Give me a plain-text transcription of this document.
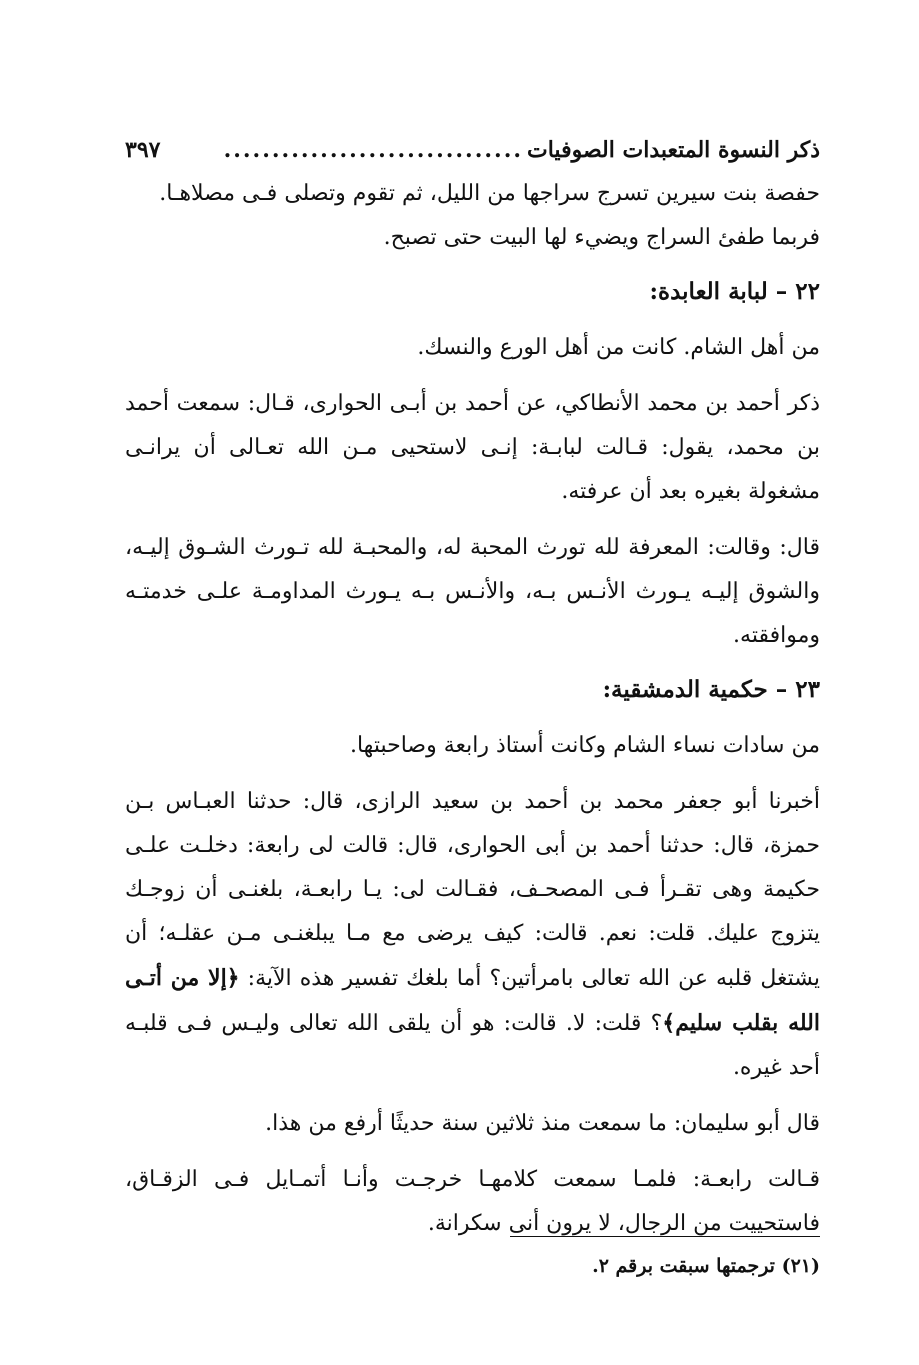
ذكر النسوة المتعبدات الصوفيات
...............................
٣٩٧

حفصة بنت سيرين تسرج سراجها من الليل، ثم تقوم وتصلى فـى مصلاهـا.

فربما طفئ السراج ويضيء لها البيت حتى تصبح.

٢٢ – لبابة العابدة:

من أهل الشام. كانت من أهل الورع والنسك.

ذكر أحمد بن محمد الأنطاكي، عن أحمد بن أبـى الحوارى، قـال: سمعت أحمد بن محمد، يقول: قـالت لبابـة: إنـى لاستحيى مـن الله تعـالى أن يرانـى مشغولة بغيره بعد أن عرفته.

قال: وقالت: المعرفة لله تورث المحبة له، والمحبـة لله تـورث الشـوق إليـه، والشوق إليـه يـورث الأنـس بـه، والأنـس بـه يـورث المداومـة علـى خدمتـه وموافقته.

٢٣ – حكمية الدمشقية:

من سادات نساء الشام وكانت أستاذ رابعة وصاحبتها.

أخبرنا أبو جعفر محمد بن أحمد بن سعيد الرازى، قال: حدثنا العبـاس بـن حمزة، قال: حدثنا أحمد بن أبى الحوارى، قال: قالت لى رابعة: دخلـت علـى حكيمة وهى تقـرأ فـى المصحـف، فقـالت لى: يـا رابعـة، بلغنـى أن زوجـك يتزوج عليك. قلت: نعم. قالت: كيف يرضى مع مـا يبلغنـى مـن عقلـه؛ أن يشتغل قلبه عن الله تعالى بامرأتين؟ أما بلغك تفسير هذه الآية: ﴿إلا من أتـى الله بقلب سليم﴾؟ قلت: لا. قالت: هو أن يلقى الله تعالى وليـس فـى قلبـه أحد غيره.

قال أبو سليمان: ما سمعت منذ ثلاثين سنة حديثًا أرفع من هذا.

قـالت رابعـة: فلمـا سمعت كلامهـا خرجـت وأنـا أتمـايل فـى الزقـاق، فاستحييت من الرجال، لا يرون أنى سكرانة.

(٢١) ترجمتها سبقت برقم ٢.
